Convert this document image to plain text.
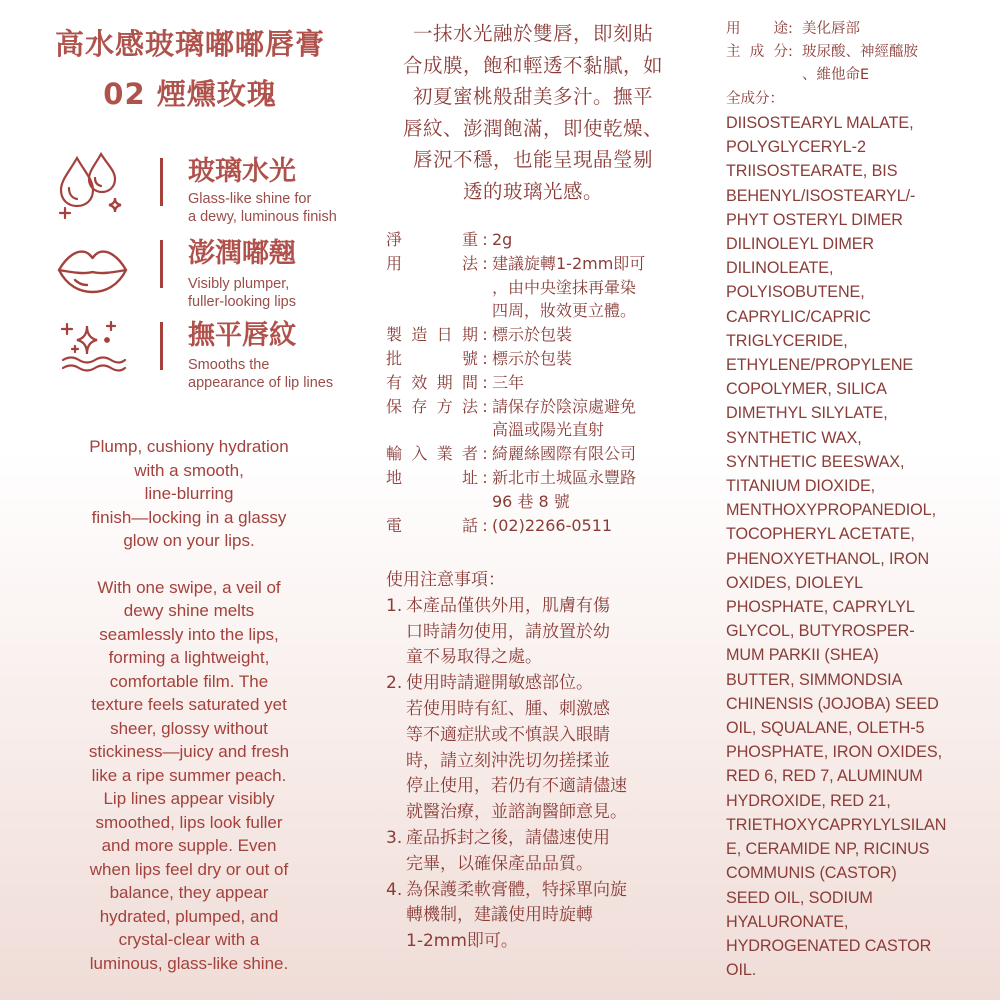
高水感玻璃嘟嘟唇膏
02 煙燻玫瑰
玻璃水光
Glass-like shine for
a dewy, luminous finish
澎潤嘟翹
Visibly plumper,
fuller-looking lips
撫平唇紋
Smooths the
appearance of lip lines
Plump, cushiony hydration
with a smooth,
line-blurring
finish—locking in a glassy
glow on your lips.
With one swipe, a veil of
dewy shine melts
seamlessly into the lips,
forming a lightweight,
comfortable film. The
texture feels saturated yet
sheer, glossy without
stickiness—juicy and fresh
like a ripe summer peach.
Lip lines appear visibly
smoothed, lips look fuller
and more supple. Even
when lips feel dry or out of
balance, they appear
hydrated, plumped, and
crystal-clear with a
luminous, glass-like shine.
一抹水光融於雙唇，即刻貼
合成膜，飽和輕透不黏膩，如
初夏蜜桃般甜美多汁。撫平
唇紋、澎潤飽滿，即使乾燥、
唇況不穩，也能呈現晶瑩剔
透的玻璃光感。
淨重 : 2g
用法 : 建議旋轉1-2mm即可
，由中央塗抹再暈染
四周，妝效更立體。
製造日期 : 標示於包裝
批號 : 標示於包裝
有效期間 : 三年
保存方法 : 請保存於陰涼處避免
高溫或陽光直射
輸入業者 : 綺麗絲國際有限公司
地址 : 新北市土城區永豐路
96 巷 8 號
電話 : (02)2266-0511
使用注意事項：
1. 本產品僅供外用，肌膚有傷
口時請勿使用，請放置於幼
童不易取得之處。
2. 使用時請避開敏感部位。
若使用時有紅、腫、刺激感
等不適症狀或不慎誤入眼睛
時，請立刻沖洗切勿搓揉並
停止使用，若仍有不適請儘速
就醫治療，並諮詢醫師意見。
3. 產品拆封之後，請儘速使用
完畢，以確保產品品質。
4. 為保護柔軟膏體，特採單向旋
轉機制，建議使用時旋轉
1-2mm即可。
用途 : 美化唇部
主成分 : 玻尿酸、神經醯胺
、維他命E
全成分：
DIISOSTEARYL MALATE,
POLYGLYCERYL-2
TRIISOSTEARATE, BIS
BEHENYL/ISOSTEARYL/-
PHYT OSTERYL DIMER
DILINOLEYL DIMER
DILINOLEATE,
POLYISOBUTENE,
CAPRYLIC/CAPRIC
TRIGLYCERIDE,
ETHYLENE/PROPYLENE
COPOLYMER, SILICA
DIMETHYL SILYLATE,
SYNTHETIC WAX,
SYNTHETIC BEESWAX,
TITANIUM DIOXIDE,
MENTHOXYPROPANEDIOL,
TOCOPHERYL ACETATE,
PHENOXYETHANOL, IRON
OXIDES, DIOLEYL
PHOSPHATE, CAPRYLYL
GLYCOL, BUTYROSPER-
MUM PARKII (SHEA)
BUTTER, SIMMONDSIA
CHINENSIS (JOJOBA) SEED
OIL, SQUALANE, OLETH-5
PHOSPHATE, IRON OXIDES,
RED 6, RED 7, ALUMINUM
HYDROXIDE, RED 21,
TRIETHOXYCAPRYLYLSILAN
E, CERAMIDE NP, RICINUS
COMMUNIS (CASTOR)
SEED OIL, SODIUM
HYALURONATE,
HYDROGENATED CASTOR
OIL.
